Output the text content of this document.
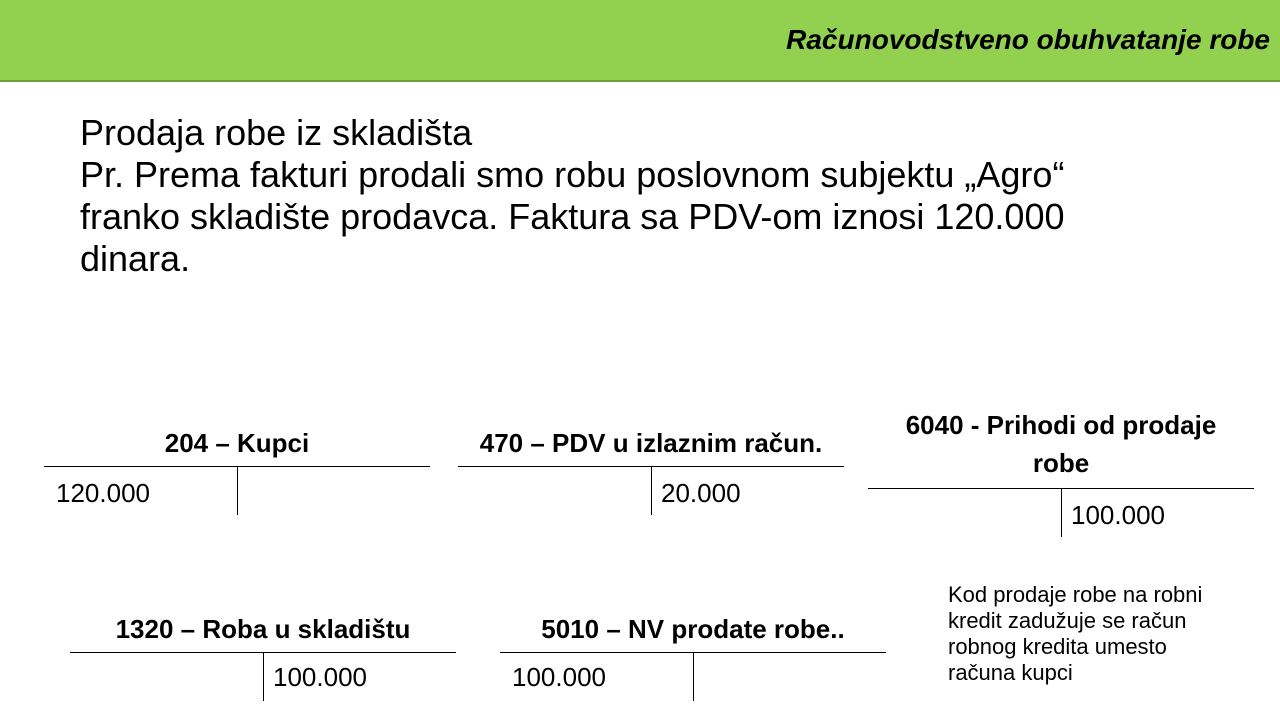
Računovodstveno obuhvatanje robe
Prodaja robe iz skladišta
Pr. Prema fakturi prodali smo robu poslovnom subjektu „Agro“
franko skladište prodavca. Faktura sa PDV-om iznosi 120.000
dinara.
204 – Kupci
120.000
470 – PDV u izlaznim račun.
20.000
6040 - Prihodi od prodaje
robe
100.000
1320 – Roba u skladištu
100.000
5010 – NV prodate robe..
100.000
Kod prodaje robe na robni
kredit zadužuje se račun
robnog kredita umesto
računa kupci
